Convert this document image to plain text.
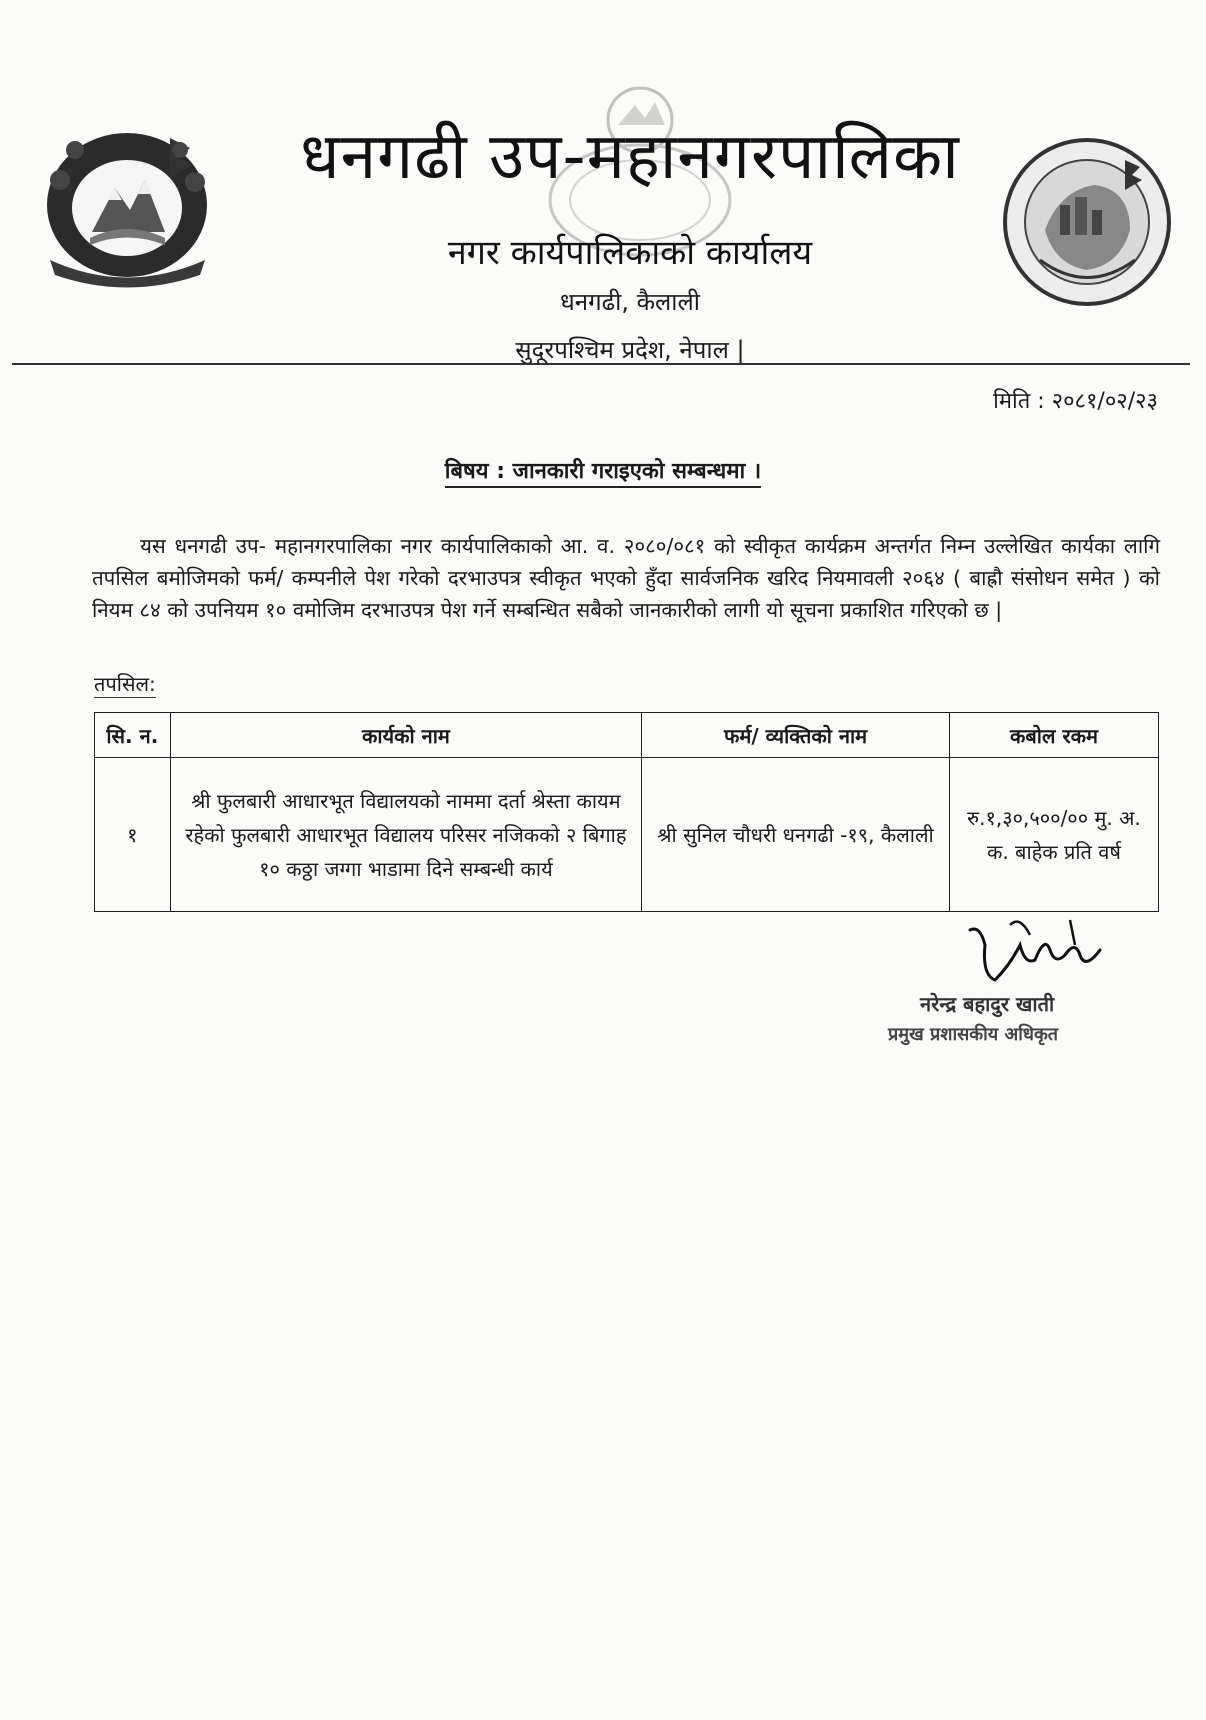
धनगढी उप-महानगरपालिका
नगर कार्यपालिकाको कार्यालय
धनगढी, कैलाली
सुदूरपश्चिम प्रदेश, नेपाल |
मिति : २०८१/०२/२३
बिषय : जानकारी गराइएको सम्बन्धमा ।
यस धनगढी उप- महानगरपालिका नगर कार्यपालिकाको आ. व. २०८०/०८१ को स्वीकृत कार्यक्रम अन्तर्गत निम्न उल्लेखित कार्यका लागि तपसिल बमोजिमको फर्म/ कम्पनीले पेश गरेको दरभाउपत्र स्वीकृत भएको हुँदा सार्वजनिक खरिद नियमावली २०६४ ( बाह्रौ संसोधन समेत ) को नियम ८४ को उपनियम १० वमोजिम दरभाउपत्र पेश गर्ने सम्बन्धित सबैको जानकारीको लागी यो सूचना प्रकाशित गरिएको छ |
तपसिल:
सि. न.	कार्यको नाम	फर्म/ व्यक्तिको नाम	कबोल रकम
१	श्री फुलबारी आधारभूत विद्यालयको नाममा दर्ता श्रेस्ता कायम रहेको फुलबारी आधारभूत विद्यालय परिसर नजिकको २ बिगाह १० कठ्ठा जग्गा भाडामा दिने सम्बन्धी कार्य	श्री सुनिल चौधरी धनगढी -१९, कैलाली	रु.१,३०,५००/०० मु. अ. क. बाहेक प्रति वर्ष
नरेन्द्र बहादुर खाती
प्रमुख प्रशासकीय अधिकृत
